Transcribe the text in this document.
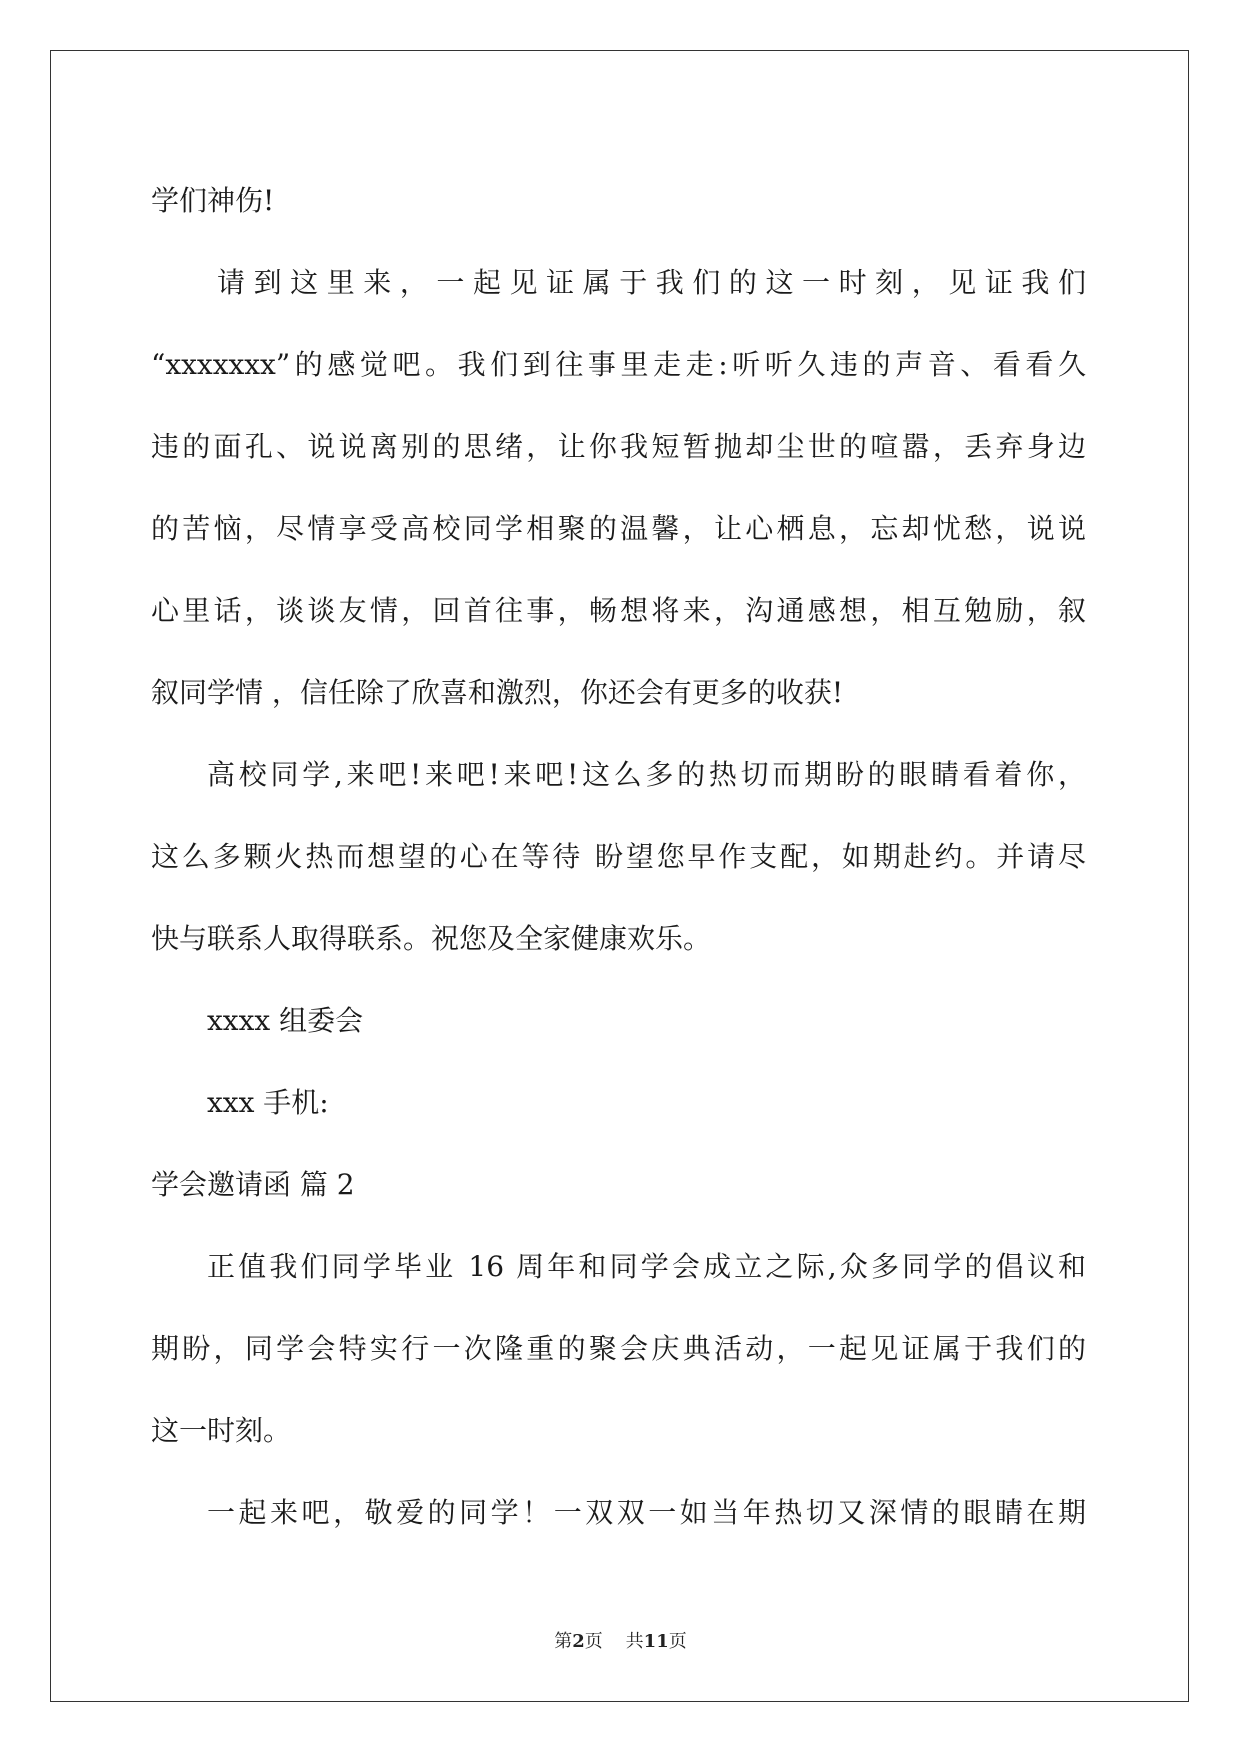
学们神伤!
请到这里来，一起见证属于我们的这一时刻，见证我们
“xxxxxxx”的感觉吧。我们到往事里走走:听听久违的声音、看看久
违的面孔、说说离别的思绪，让你我短暂抛却尘世的喧嚣，丢弃身边
的苦恼，尽情享受高校同学相聚的温馨，让心栖息，忘却忧愁，说说
心里话，谈谈友情，回首往事，畅想将来，沟通感想，相互勉励，叙
叙同学情 ，信任除了欣喜和激烈，你还会有更多的收获!
高校同学,来吧!来吧!来吧!这么多的热切而期盼的眼睛看着你，
这么多颗火热而想望的心在等待 盼望您早作支配，如期赴约。并请尽
快与联系人取得联系。祝您及全家健康欢乐。
xxxx 组委会
xxx 手机:
学会邀请函 篇 2
正值我们同学毕业 16 周年和同学会成立之际,众多同学的倡议和
期盼，同学会特实行一次隆重的聚会庆典活动，一起见证属于我们的
这一时刻。
一起来吧，敬爱的同学！一双双一如当年热切又深情的眼睛在期
第2页 共11页
